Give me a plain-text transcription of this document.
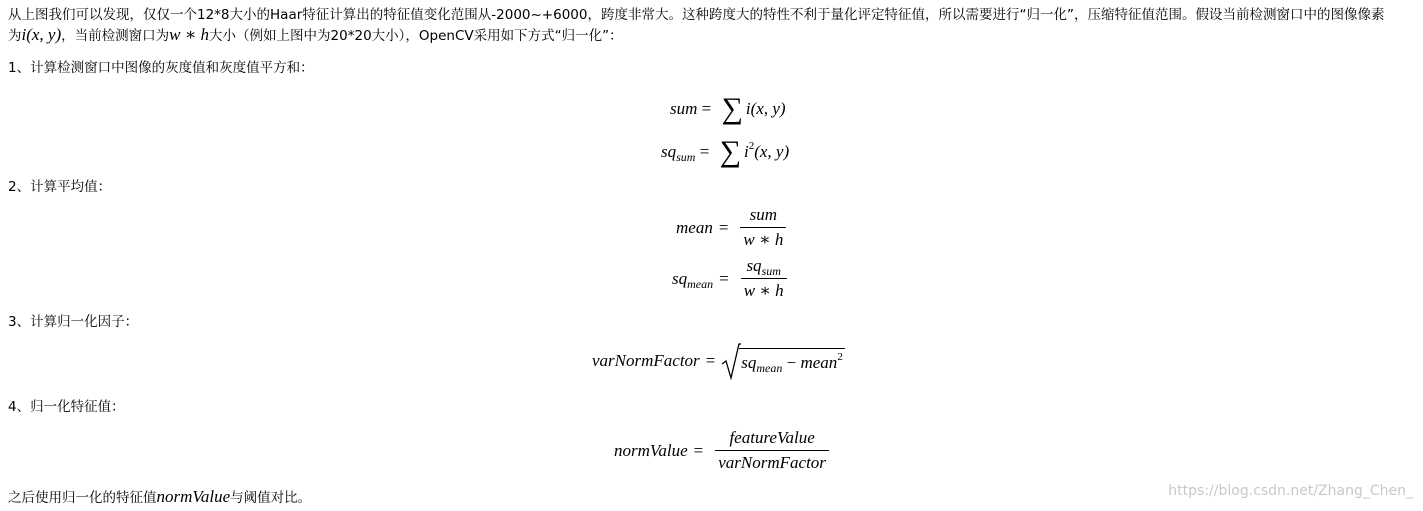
从上图我们可以发现，仅仅一个12*8大小的Haar特征计算出的特征值变化范围从-2000~+6000，跨度非常大。这种跨度大的特性不利于量化评定特征值，所以需要进行“归一化”，压缩特征值范围。假设当前检测窗口中的图像像素
为i(x, y)，当前检测窗口为w ∗ h大小（例如上图中为20*20大小），OpenCV采用如下方式“归一化”：
1、计算检测窗口中图像的灰度值和灰度值平方和：
sum = ∑ i(x, y)
$sq_{sum}$ = ∑ $i^2(x$, y)
2、计算平均值：
mean = $\frac{\text{sum}}{w ∗ h}$
$sq_{mean} = \frac{sq_{sum}}{w ∗ h}$
3、计算归一化因子：
varNormFactor = $sq_{mean}$ − mean$^2$
4、归一化特征值：
normValue = $\frac{\text{featureValue}}{\text{varNormFactor}}$
之后使用归一化的特征值normValue与阈值对比。	https://blog.csdn.net/Zhang_Chen_
